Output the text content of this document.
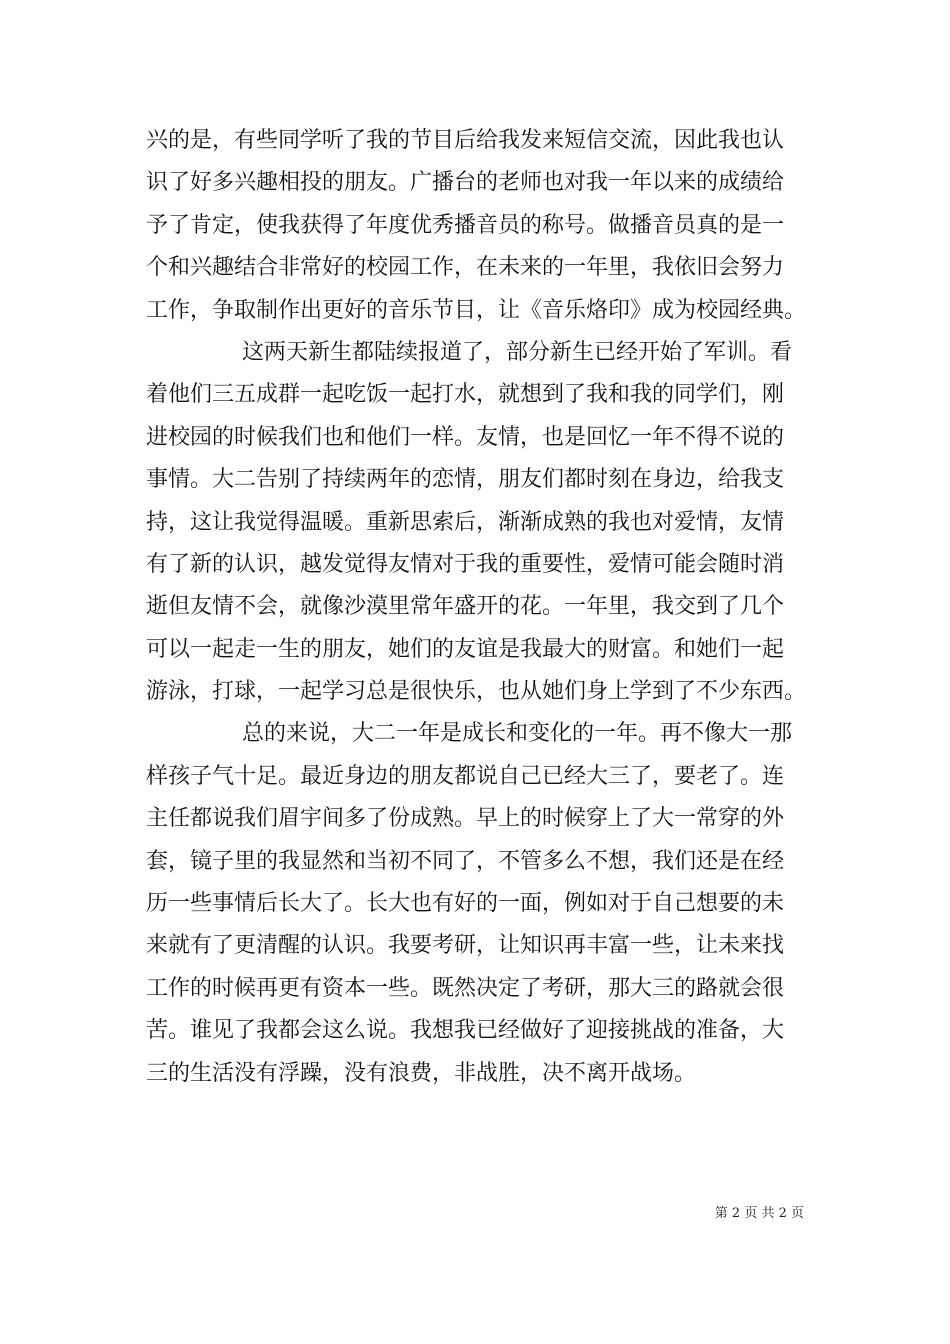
兴的是，有些同学听了我的节目后给我发来短信交流，因此我也认
识了好多兴趣相投的朋友。广播台的老师也对我一年以来的成绩给
予了肯定，使我获得了年度优秀播音员的称号。做播音员真的是一
个和兴趣结合非常好的校园工作，在未来的一年里，我依旧会努力
工作，争取制作出更好的音乐节目，让《音乐烙印》成为校园经典。
这两天新生都陆续报道了，部分新生已经开始了军训。看
着他们三五成群一起吃饭一起打水，就想到了我和我的同学们，刚
进校园的时候我们也和他们一样。友情，也是回忆一年不得不说的
事情。大二告别了持续两年的恋情，朋友们都时刻在身边，给我支
持，这让我觉得温暖。重新思索后，渐渐成熟的我也对爱情，友情
有了新的认识，越发觉得友情对于我的重要性，爱情可能会随时消
逝但友情不会，就像沙漠里常年盛开的花。一年里，我交到了几个
可以一起走一生的朋友，她们的友谊是我最大的财富。和她们一起
游泳，打球，一起学习总是很快乐，也从她们身上学到了不少东西。
总的来说，大二一年是成长和变化的一年。再不像大一那
样孩子气十足。最近身边的朋友都说自己已经大三了，要老了。连
主任都说我们眉宇间多了份成熟。早上的时候穿上了大一常穿的外
套，镜子里的我显然和当初不同了，不管多么不想，我们还是在经
历一些事情后长大了。长大也有好的一面，例如对于自己想要的未
来就有了更清醒的认识。我要考研，让知识再丰富一些，让未来找
工作的时候再更有资本一些。既然决定了考研，那大三的路就会很
苦。谁见了我都会这么说。我想我已经做好了迎接挑战的准备，大
三的生活没有浮躁，没有浪费，非战胜，决不离开战场。
第 2 页 共 2 页
